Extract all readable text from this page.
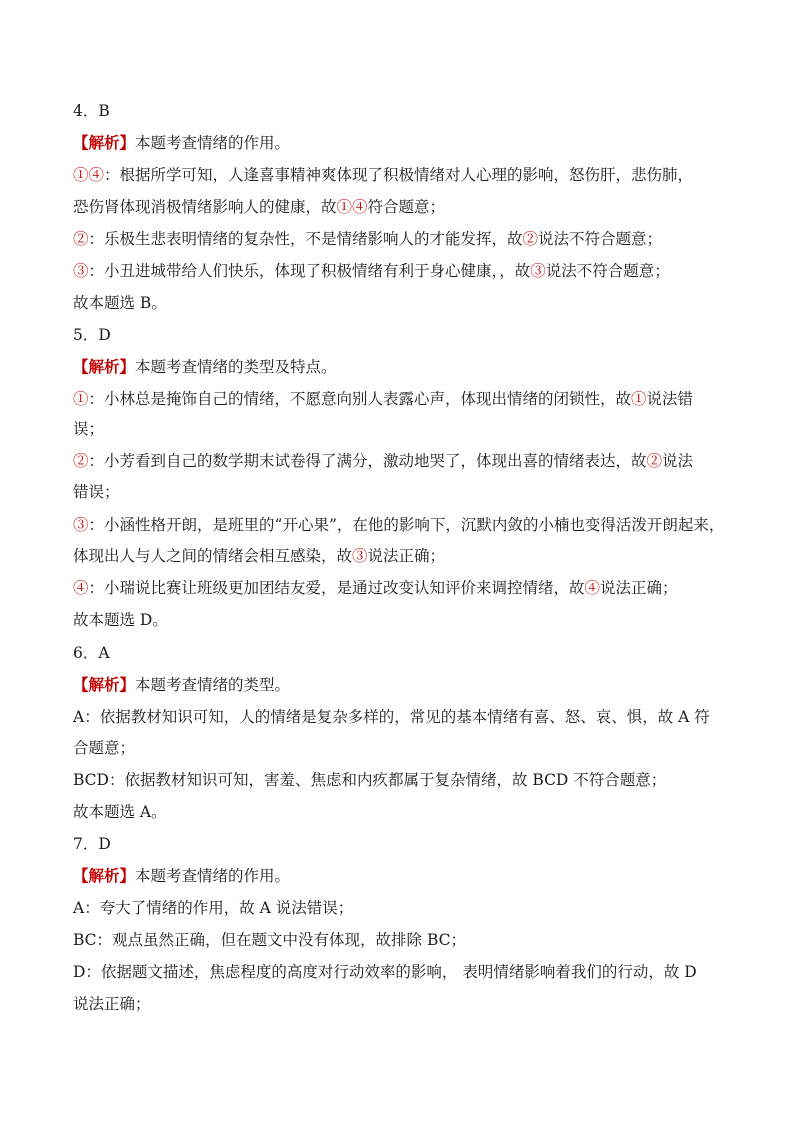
4．B
【解析】本题考查情绪的作用。
①④：根据所学可知，人逢喜事精神爽体现了积极情绪对人心理的影响，怒伤肝，悲伤肺，
恐伤肾体现消极情绪影响人的健康，故①④符合题意；
②：乐极生悲表明情绪的复杂性，不是情绪影响人的才能发挥，故②说法不符合题意；
③：小丑进城带给人们快乐，体现了积极情绪有利于身心健康，，故③说法不符合题意；
故本题选 B。
5．D
【解析】本题考查情绪的类型及特点。
①：小林总是掩饰自己的情绪，不愿意向别人表露心声，体现出情绪的闭锁性，故①说法错
误；
②：小芳看到自己的数学期末试卷得了满分，激动地哭了，体现出喜的情绪表达，故②说法
错误；
③：小涵性格开朗，是班里的“开心果”，在他的影响下，沉默内敛的小楠也变得活泼开朗起来，
体现出人与人之间的情绪会相互感染，故③说法正确；
④：小瑞说比赛让班级更加团结友爱，是通过改变认知评价来调控情绪，故④说法正确；
故本题选 D。
6．A
【解析】本题考查情绪的类型。
A：依据教材知识可知，人的情绪是复杂多样的，常见的基本情绪有喜、怒、哀、惧，故 A 符
合题意；
BCD：依据教材知识可知，害羞、焦虑和内疚都属于复杂情绪，故 BCD 不符合题意；
故本题选 A。
7．D
【解析】本题考查情绪的作用。
A：夸大了情绪的作用，故 A 说法错误；
BC：观点虽然正确，但在题文中没有体现，故排除 BC；
D：依据题文描述，焦虑程度的高度对行动效率的影响， 表明情绪影响着我们的行动，故 D
说法正确；
